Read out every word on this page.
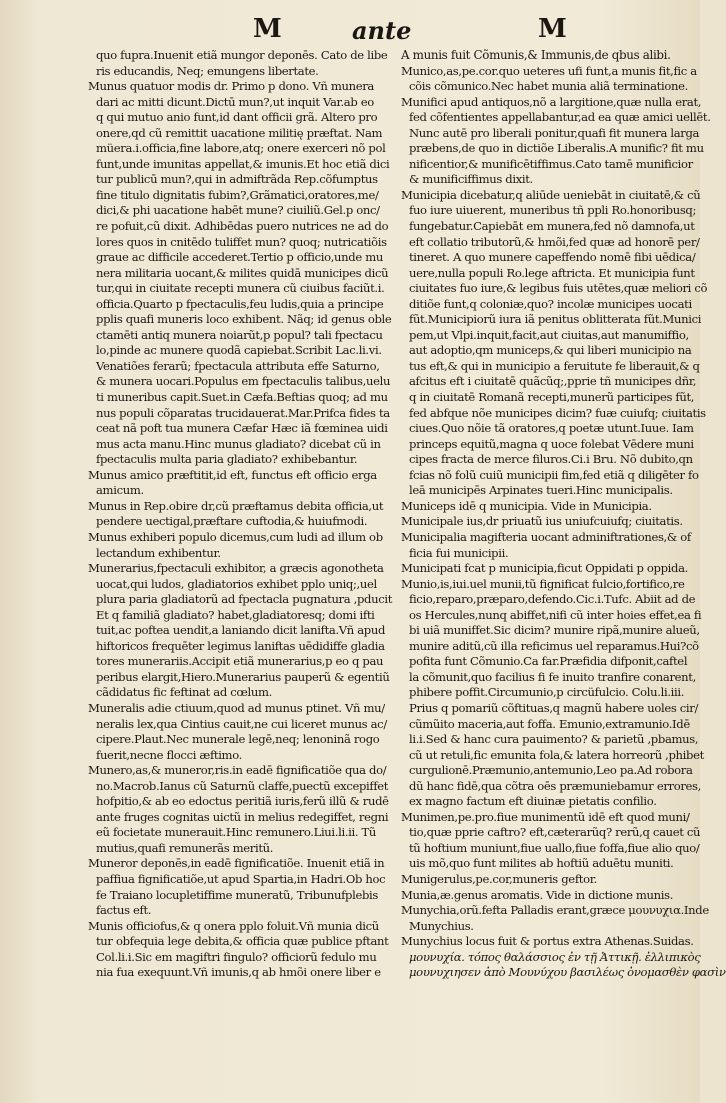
M	ante	M
quo fupra.Inuenit etiã mungor deponēs. Cato de libe
ris educandis, Neq; emungens libertate.
Munus quatuor modis dr. Primo p dono. Vñ munera
dari ac mitti dicunt.Dictū mun?,ut inquit Var.ab eo
q qui mutuo anio funt,id dant officii grã. Altero pro
onere,qd cũ remittit uacatione militię præftat. Nam
müera.i.officia,fine labore,atq; onere exerceri nõ pol
funt,unde imunitas appellat,& imunis.Et hoc etiã dici
tur publicū mun?,qui in admiftrãda Rep.cõfumptus
fine titulo dignitatis fubim?,Grãmatici,oratores,me/
dici,& phi uacatione habēt mune? ciuiliũ.Gel.p onc/
re pofuit,cũ dixit. Adhibēdas puero nutrices ne ad do
lores quos in cnitēdo tuliffet mun? quoq; nutricatiõis
graue ac difficile accederet.Tertio p officio,unde mu
nera militaria uocant,& milites quidā municipes dicũ
tur,qui in ciuitate recepti munera cũ ciuibus faciũt.i.
officia.Quarto p fpectaculis,feu ludis,quia a principe
pplis quafi muneris loco exhibent. Nãq; id genus oble
ctamēti antiq munera noiarũt,p popul? tali fpectacu
lo,pinde ac munere quodã capiebat.Scribit Lac.li.vi.
Venatiões ferarũ; fpectacula attributa effe Saturno,
& munera uocari.Populus em fpectaculis talibus,uelu
ti muneribus capit.Suet.in Cæfa.Beftias quoq; ad mu
nus populi cõparatas trucidauerat.Mar.Prifca fides ta
ceat nã poft tua munera Cæfar Hæc iã fœminea uidi
mus acta manu.Hinc munus gladiato? dicebat cũ in
fpectaculis multa paria gladiato? exhibebantur.
Munus amico præftitit,id eft, functus eft officio erga
amicum.
Munus in Rep.obire dr,cũ præftamus debita officia,ut
pendere uectigal,præftare cuftodia,& huiufmodi.
Munus exhiberi populo dicemus,cum ludi ad illum ob
lectandum exhibentur.
Munerarius,fpectaculi exhibitor, a græcis agonotheta
uocat,qui ludos, gladiatorios exhibet pplo uniq;,uel
plura paria gladiatorũ ad fpectacla pugnatura ,pducit
Et q familiã gladiato? habet,gladiatoresq; domi ifti
tuit,ac poftea uendit,a laniando dicit lanifta.Vñ apud
hiftoricos frequēter legimus laniftas uēdidiffe gladia
tores munerariis.Accipit etiã munerarius,p eo q pau
peribus elargit,Hiero.Munerarius pauperũ & egentiũ
cãdidatus fic feftinat ad cœlum.
Muneralis adie ctiuum,quod ad munus ptinet. Vñ mu/
neralis lex,qua Cintius cauit,ne cui liceret munus ac/
cipere.Plaut.Nec munerale legē,neq; lenoninã rogo
fuerit,necne flocci æftimo.
Munero,as,& muneror,ris.in eadē fignificatiõe qua do/
no.Macrob.Ianus cũ Saturnũ claffe,puectũ excepiffet
hofpitio,& ab eo edoctus peritiã iuris,ferũ illũ & rudē
ante fruges cognitas uictũ in melius redegiffet, regni
eũ focietate munerauit.Hinc remunero.Liui.li.ii. Tũ
mutius,quafi remunerãs meritũ.
Muneror deponēs,in eadē fignificatiõe. Inuenit etiã in
paffiua fignificatiõe,ut apud Spartia,in Hadri.Ob hoc
fe Traiano locupletiffime muneratũ, Tribunufplebis
factus eft.
Munis officiofus,& q onera pplo foluit.Vñ munia dicũ
tur obfequia lege debita,& officia quæ publice pftant
Col.li.i.Sic em magiftri fingulo? officiorũ fedulo mu
nia fua exequunt.Vñ imunis,q ab hmõi onere liber e
A munis fuit Cõmunis,& Immunis,de qbus alibi.
Munico,as,pe.cor.quo ueteres ufi funt,a munis fit,fic a
cõis cõmunico.Nec habet munia aliã terminatione.
Munifici apud antiquos,nõ a largitione,quæ nulla erat,
fed cõfentientes appellabantur,ad ea quæ amici uellēt.
Nunc autē pro liberali ponitur,quafi fit munera larga
præbens,de quo in dictiõe Liberalis.A munific? fit mu
nificentior,& munificētiffimus.Cato tamē munificior
& munificiffimus dixit.
Municipia dicebatur,q aliūde ueniebāt in ciuitatē,& cũ
fuo iure uiuerent, muneribus tñ ppli Ro.honoribusq;
fungebatur.Capiebāt em munera,fed nõ damnofa,ut
eft collatio tributorũ,& hmõi,fed quæ ad honorē per/
tineret. A quo munere capeffendo nomē fibi uēdica/
uere,nulla populi Ro.lege aftricta. Et municipia funt
ciuitates fuo iure,& legibus fuis utētes,quæ meliori cõ
ditiõe funt,q coloniæ,quo? incolæ municipes uocati
fũt.Municipiorũ iura iã penitus oblitterata fũt.Munici
pem,ut Vlpi.inquit,facit,aut ciuitas,aut manumiffio,
aut adoptio,qm municeps,& qui liberi municipio na
tus eft,& qui in municipio a feruitute fe liberauit,& q
afcitus eft i ciuitatē quãcũq;,pprie tñ municipes dñr,
q in ciuitatē Romanã recepti,munerũ participes fũt,
fed abfque nõe municipes dicim? fuæ cuiufq; ciuitatis
ciues.Quo nõie tã oratores,q poetæ utunt.Iuue. Iam
princeps equitũ,magna q uoce folebat Vēdere muni
cipes fracta de merce filuros.Ci.i Bru. Nõ dubito,qn
fcias nõ folũ cuiũ municipii fim,fed etiã q diligēter fo
leā municipēs Arpinates tueri.Hinc municipalis.
Municeps idē q municipia. Vide in Municipia.
Municipale ius,dr priuatũ ius uniufcuiufq; ciuitatis.
Municipalia magifteria uocant adminiftrationes,& of
ficia fui municipii.
Municipati fcat p municipia,ficut Oppidati p oppida.
Munio,is,iui.uel munii,tũ fignificat fulcio,fortifico,re
ficio,reparo,præparo,defendo.Cic.i.Tufc. Abiit ad de
os Hercules,nunq abiffet,nifi cũ inter hoies effet,ea fi
bi uiã muniffet.Sic dicim? munire ripã,munire alueũ,
munire aditũ,cũ illa reficimus uel reparamus.Hui?cõ
pofita funt Cõmunio.Ca far.Præfidia difponit,caftel
la cõmunit,quo facilius fi fe inuito tranfire conarent,
phibere poffit.Circumunio,p circüfulcio. Colu.li.iii.
Prius q pomariũ cõftituas,q magnũ habere uoles cir/
cũmũito maceria,aut foffa. Emunio,extramunio.Idē
li.i.Sed & hanc cura pauimento? & parietũ ,pbamus,
cũ ut retuli,fic emunita fola,& latera horreorũ ,phibet
curgulionē.Præmunio,antemunio,Leo pa.Ad robora
dũ hanc fidē,qua cõtra oēs præmuniebamur errores,
ex magno factum eft diuinæ pietatis confilio.
Munimen,pe.pro.fiue munimentũ idē eft quod muni/
tio,quæ pprie caftro? eft,cæterarũq? rerũ,q cauet cũ
tũ hoftium muniunt,fiue uallo,fiue foffa,fiue alio quo/
uis mõ,quo funt milites ab hoftiũ aduētu muniti.
Munigerulus,pe.cor,muneris geftor.
Munia,æ.genus aromatis. Vide in dictione munis.
Munychia,orũ.fefta Palladis erant,græce μουνυχια.Inde
Munychius.
Munychius locus fuit & portus extra Athenas.Suidas.
μουνυχία. τόπος θαλάσσιος ἐν τῇ Ἀττικῇ. ἐλλιπικὸς
μουνυχιησεν ἀπὸ Μουνύχου βασιλέως ὀνομασθὲν φασὶν
